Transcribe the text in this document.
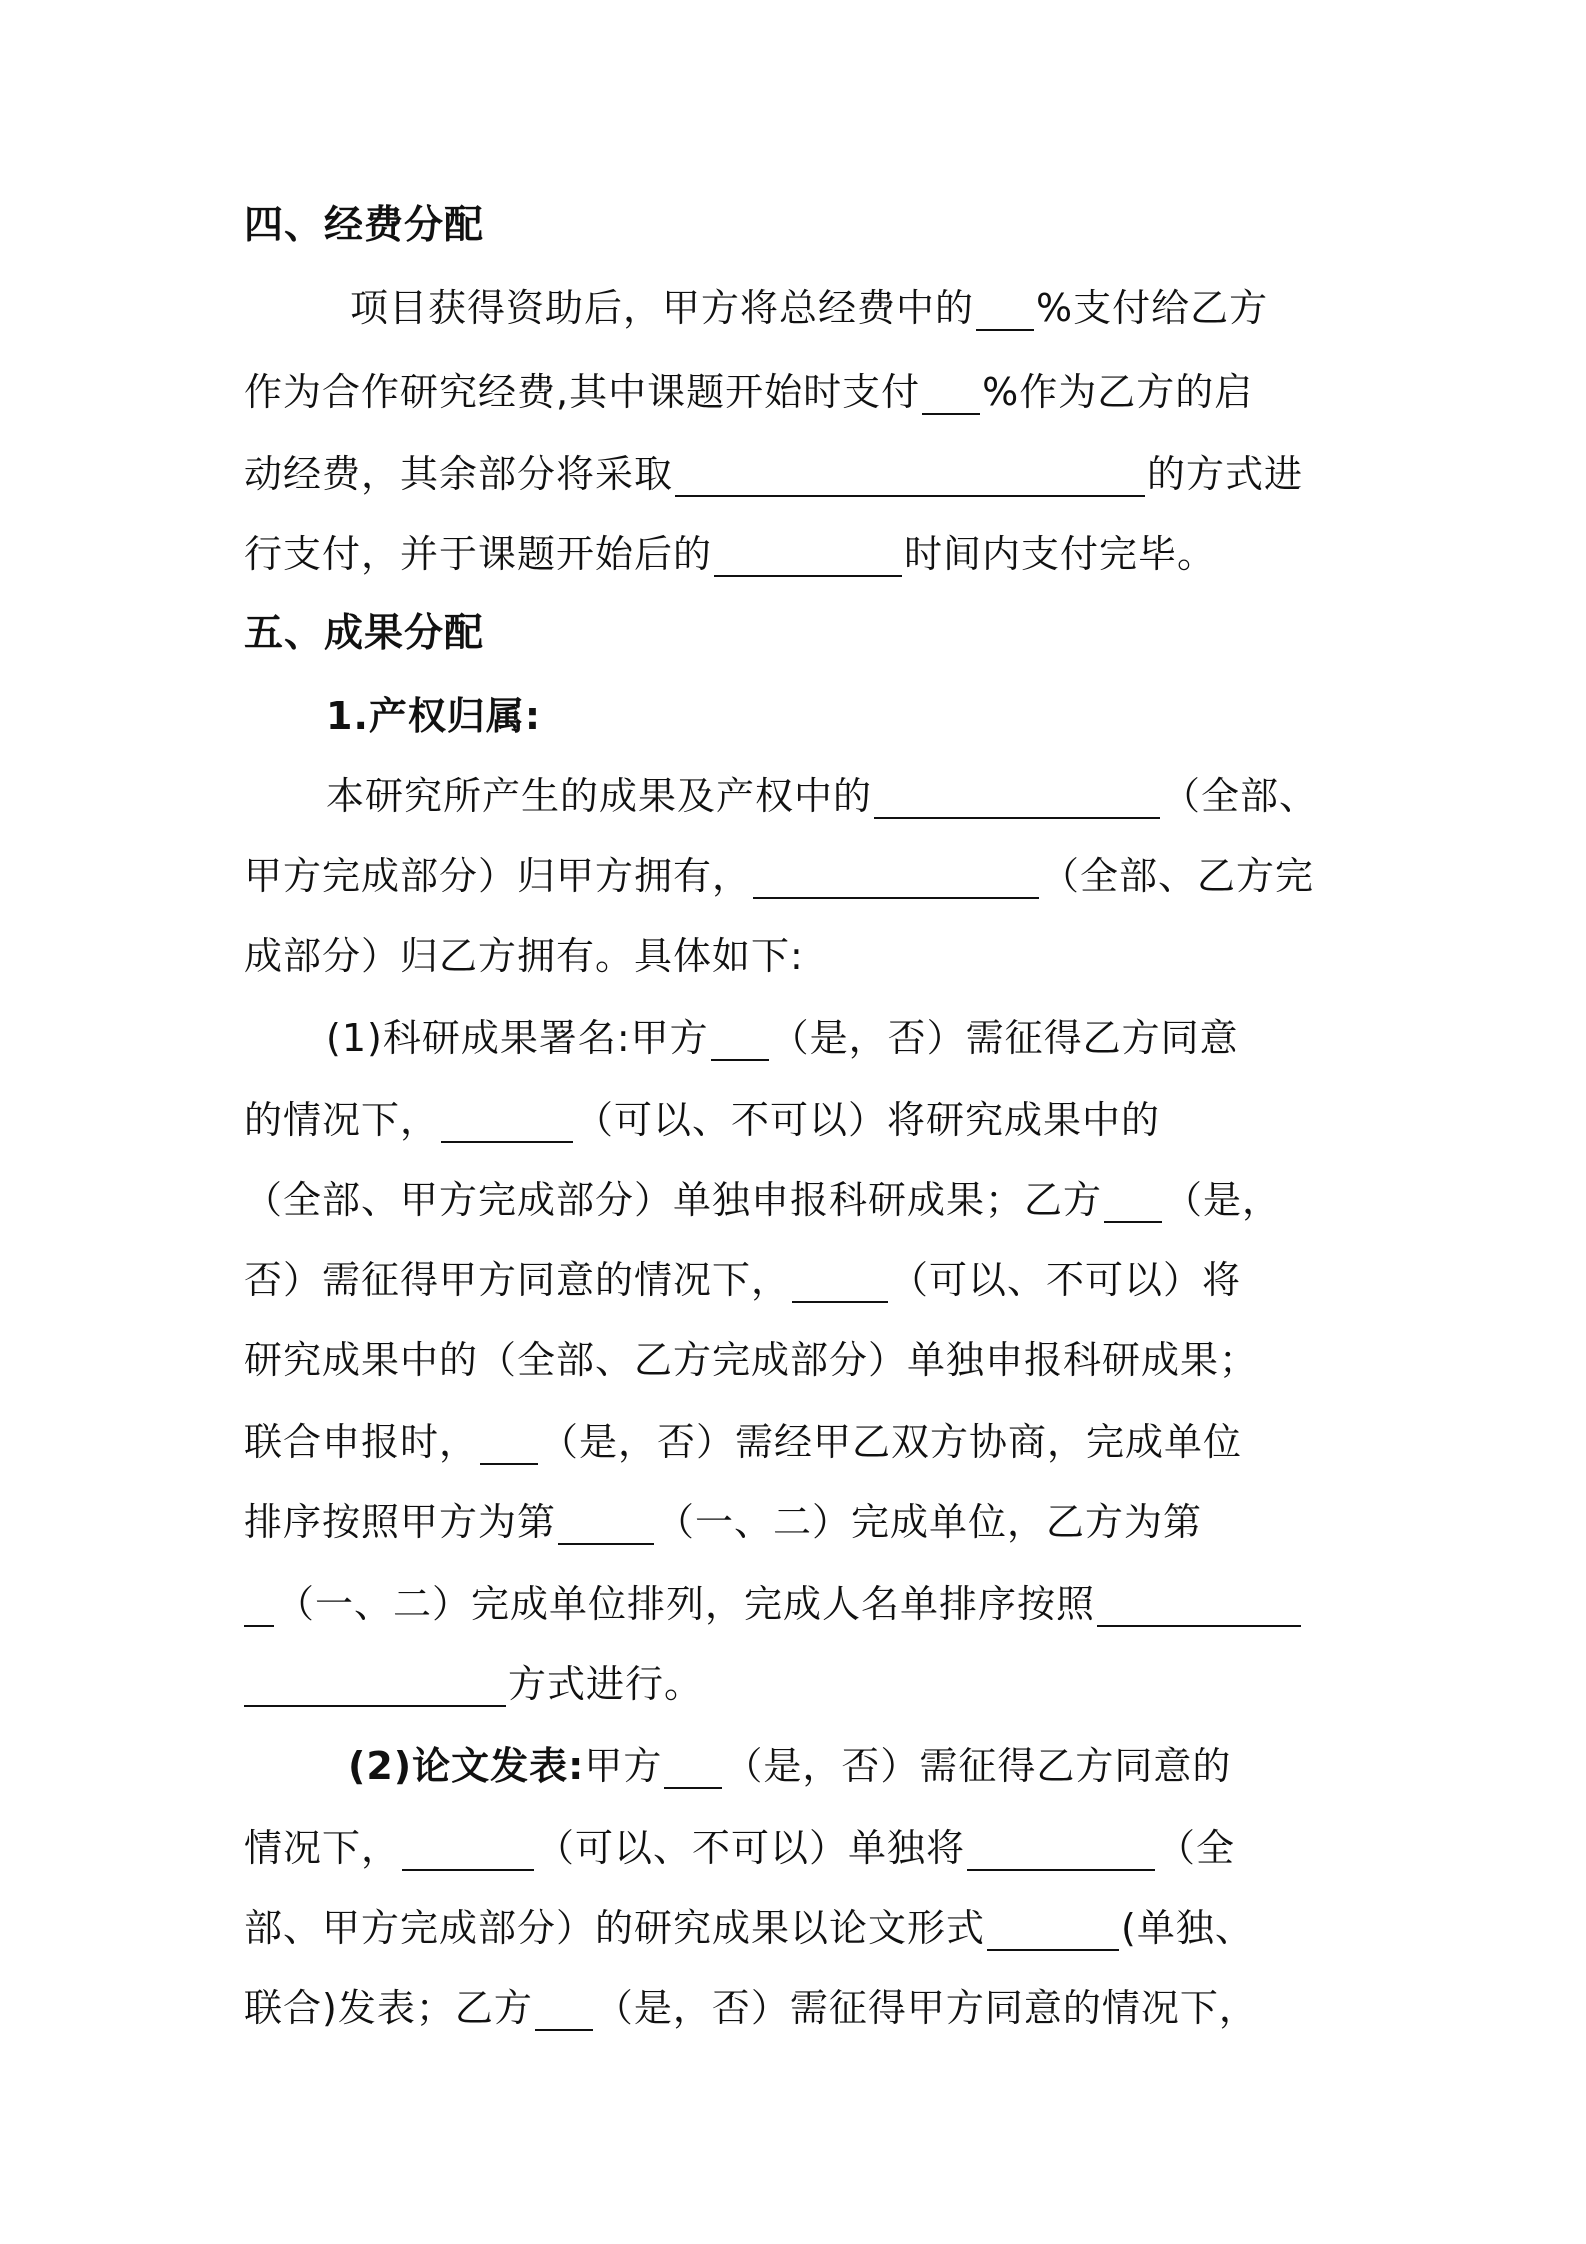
四、经费分配
项目获得资助后，甲方将总经费中的 %支付给乙方
作为合作研究经费,其中课题开始时支付 %作为乙方的启
动经费，其余部分将采取	的方式进
行支付，并于课题开始后的	时间内支付完毕。
五、成果分配
1.产权归属:
本研究所产生的成果及产权中的	（全部、
甲方完成部分）归甲方拥有，	（全部、乙方完
成部分）归乙方拥有。具体如下:
(1)科研成果署名:甲方 （是，否）需征得乙方同意
的情况下，	（可以、不可以）将研究成果中的
（全部、甲方完成部分）单独申报科研成果；乙方 （是，
否）需征得甲方同意的情况下，	（可以、不可以）将
研究成果中的（全部、乙方完成部分）单独申报科研成果；
联合申报时， （是，否）需经甲乙双方协商，完成单位
排序按照甲方为第	（一、二）完成单位，乙方为第
（一、二）完成单位排列，完成人名单排序按照
方式进行。
(2)论文发表:甲方 （是，否）需征得乙方同意的
情况下，	（可以、不可以）单独将	（全
部、甲方完成部分）的研究成果以论文形式	(单独、
联合)发表；乙方 （是，否）需征得甲方同意的情况下，
